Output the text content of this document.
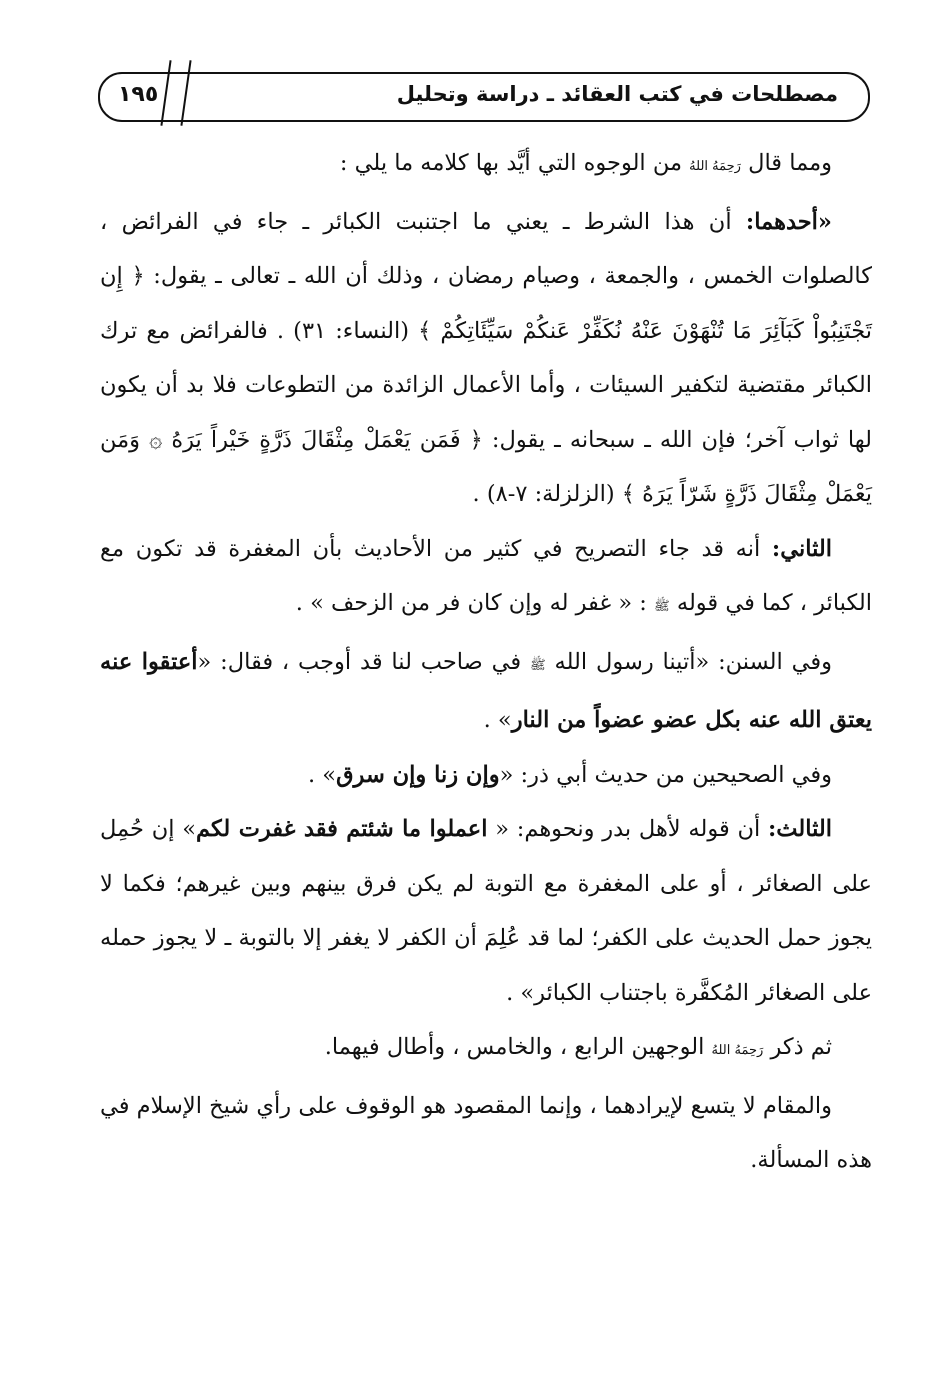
مصطلحات في كتب العقائد ـ دراسة وتحليل
١٩٥

ومما قال رَحِمَهُ اللهُ من الوجوه التي أيَّد بها كلامه ما يلي :

«أحدهما: أن هذا الشرط ـ يعني ما اجتنبت الكبائر ـ جاء في الفرائض ، كالصلوات الخمس ، والجمعة ، وصيام رمضان ، وذلك أن الله ـ تعالى ـ يقول: ﴿ إِن تَجْتَنِبُواْ كَبَآئِرَ مَا تُنْهَوْنَ عَنْهُ نُكَفِّرْ عَنكُمْ سَيِّئَاتِكُمْ ﴾ (النساء: ٣١) . فالفرائض مع ترك الكبائر مقتضية لتكفير السيئات ، وأما الأعمال الزائدة من التطوعات فلا بد أن يكون لها ثواب آخر؛ فإن الله ـ سبحانه ـ يقول: ﴿ فَمَن يَعْمَلْ مِثْقَالَ ذَرَّةٍ خَيْراً يَرَهُ ۞ وَمَن يَعْمَلْ مِثْقَالَ ذَرَّةٍ شَرّاً يَرَهُ ﴾ (الزلزلة: ٧-٨) .

الثاني: أنه قد جاء التصريح في كثير من الأحاديث بأن المغفرة قد تكون مع الكبائر ، كما في قوله ﷺ : « غفر له وإن كان فر من الزحف » .

وفي السنن: «أتينا رسول الله ﷺ في صاحب لنا قد أوجب ، فقال: «أعتقوا عنه يعتق الله عنه بكل عضو عضواً من النار» .

وفي الصحيحين من حديث أبي ذر: «وإن زنا وإن سرق» .

الثالث: أن قوله لأهل بدر ونحوهم: « اعملوا ما شئتم فقد غفرت لكم» إن حُمِل على الصغائر ، أو على المغفرة مع التوبة لم يكن فرق بينهم وبين غيرهم؛ فكما لا يجوز حمل الحديث على الكفر؛ لما قد عُلِمَ أن الكفر لا يغفر إلا بالتوبة ـ لا يجوز حمله على الصغائر المُكفَّرة باجتناب الكبائر» .

ثم ذكر رَحِمَهُ اللهُ الوجهين الرابع ، والخامس ، وأطال فيهما.

والمقام لا يتسع لإيرادهما ، وإنما المقصود هو الوقوف على رأي شيخ الإسلام في هذه المسألة.
